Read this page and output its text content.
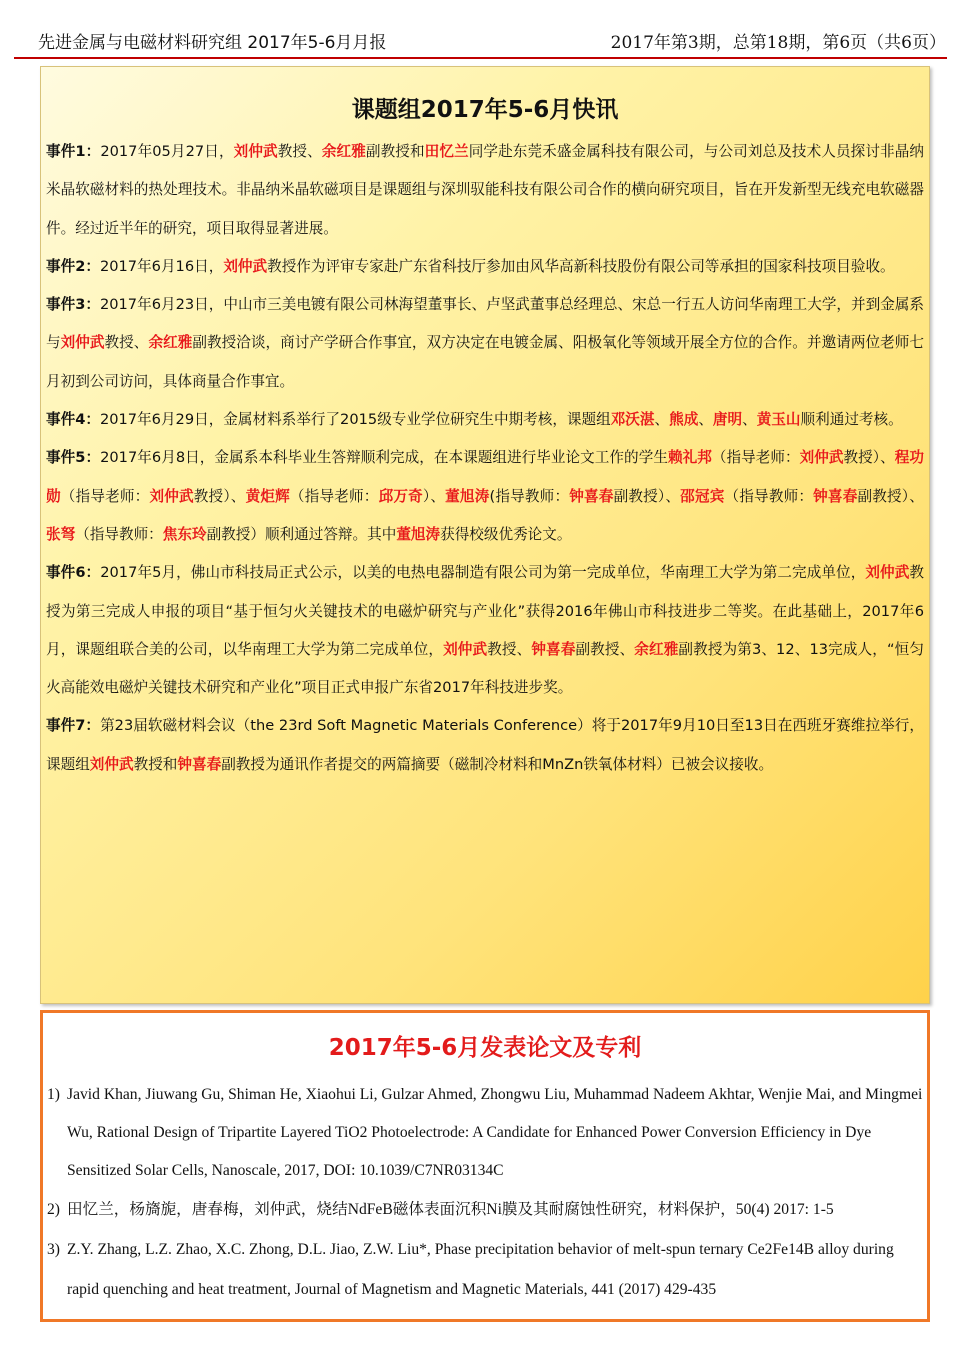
先进金属与电磁材料研究组 2017年5-6月月报	2017年第3期，总第18期，第6页（共6页）
课题组2017年5-6月快讯

事件1：2017年05月27日，刘仲武教授、余红雅副教授和田忆兰同学赴东莞禾盛金属科技有限公司，与公司刘总及技术人员探讨非晶纳米晶软磁材料的热处理技术。非晶纳米晶软磁项目是课题组与深圳驭能科技有限公司合作的横向研究项目，旨在开发新型无线充电软磁器件。经过近半年的研究，项目取得显著进展。

事件2：2017年6月16日，刘仲武教授作为评审专家赴广东省科技厅参加由风华高新科技股份有限公司等承担的国家科技项目验收。

事件3：2017年6月23日，中山市三美电镀有限公司林海望董事长、卢坚武董事总经理总、宋总一行五人访问华南理工大学，并到金属系与刘仲武教授、余红雅副教授洽谈，商讨产学研合作事宜，双方决定在电镀金属、阳极氧化等领域开展全方位的合作。并邀请两位老师七月初到公司访问，具体商量合作事宜。

事件4：2017年6月29日，金属材料系举行了2015级专业学位研究生中期考核，课题组邓沃湛、熊成、唐明、黄玉山顺利通过考核。

事件5：2017年6月8日，金属系本科毕业生答辩顺利完成，在本课题组进行毕业论文工作的学生赖礼邦（指导老师：刘仲武教授）、程功勋（指导老师：刘仲武教授）、黄炬辉（指导老师：邱万奇）、董旭涛(指导教师：钟喜春副教授）、邵冠宾（指导教师：钟喜春副教授）、张弩（指导教师：焦东玲副教授）顺利通过答辩。其中董旭涛获得校级优秀论文。

事件6：2017年5月，佛山市科技局正式公示，以美的电热电器制造有限公司为第一完成单位，华南理工大学为第二完成单位，刘仲武教授为第三完成人申报的项目“基于恒匀火关键技术的电磁炉研究与产业化”获得2016年佛山市科技进步二等奖。在此基础上，2017年6月，课题组联合美的公司，以华南理工大学为第二完成单位，刘仲武教授、钟喜春副教授、余红雅副教授为第3、12、13完成人，“恒匀火高能效电磁炉关键技术研究和产业化”项目正式申报广东省2017年科技进步奖。

事件7：第23届软磁材料会议（the 23rd Soft Magnetic Materials Conference）将于2017年9月10日至13日在西班牙赛维拉举行，课题组刘仲武教授和钟喜春副教授为通讯作者提交的两篇摘要（磁制冷材料和MnZn铁氧体材料）已被会议接收。

2017年5-6月发表论文及专利
1) Javid Khan, Jiuwang Gu, Shiman He, Xiaohui Li, Gulzar Ahmed, Zhongwu Liu, Muhammad Nadeem Akhtar, Wenjie Mai, and Mingmei Wu, Rational Design of Tripartite Layered TiO2 Photoelectrode: A Candidate for Enhanced Power Conversion Efficiency in Dye Sensitized Solar Cells, Nanoscale, 2017, DOI: 10.1039/C7NR03134C
2) 田忆兰，杨旖旎，唐春梅，刘仲武，烧结NdFeB磁体表面沉积Ni膜及其耐腐蚀性研究，材料保护，50(4) 2017: 1-5
3) Z.Y. Zhang, L.Z. Zhao, X.C. Zhong, D.L. Jiao, Z.W. Liu*, Phase precipitation behavior of melt-spun ternary Ce2Fe14B alloy during rapid quenching and heat treatment, Journal of Magnetism and Magnetic Materials, 441 (2017) 429-435
